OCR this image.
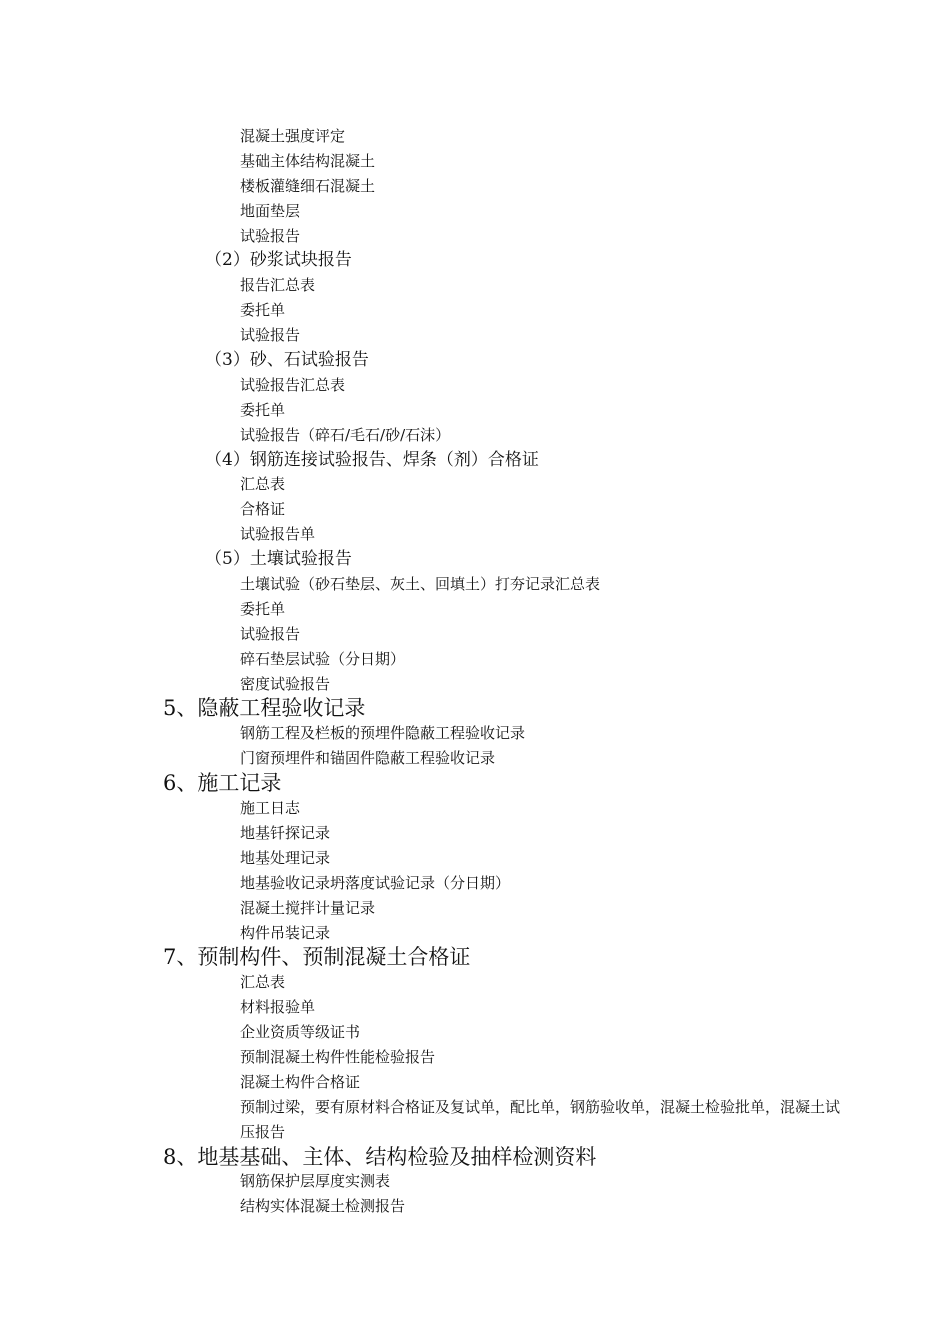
混凝土强度评定
基础主体结构混凝土
楼板灌缝细石混凝土
地面垫层
试验报告
（2）砂浆试块报告
报告汇总表
委托单
试验报告
（3）砂、石试验报告
试验报告汇总表
委托单
试验报告（碎石/毛石/砂/石沫）
（4）钢筋连接试验报告、焊条（剂）合格证
汇总表
合格证
试验报告单
（5）土壤试验报告
土壤试验（砂石垫层、灰土、回填土）打夯记录汇总表
委托单
试验报告
碎石垫层试验（分日期）
密度试验报告
5、隐蔽工程验收记录
钢筋工程及栏板的预埋件隐蔽工程验收记录
门窗预埋件和锚固件隐蔽工程验收记录
6、施工记录
施工日志
地基钎探记录
地基处理记录
地基验收记录坍落度试验记录（分日期）
混凝土搅拌计量记录
构件吊装记录
7、预制构件、预制混凝土合格证
汇总表
材料报验单
企业资质等级证书
预制混凝土构件性能检验报告
混凝土构件合格证
预制过梁，要有原材料合格证及复试单，配比单，钢筋验收单，混凝土检验批单，混凝土试压报告
8、地基基础、主体、结构检验及抽样检测资料
钢筋保护层厚度实测表
结构实体混凝土检测报告
